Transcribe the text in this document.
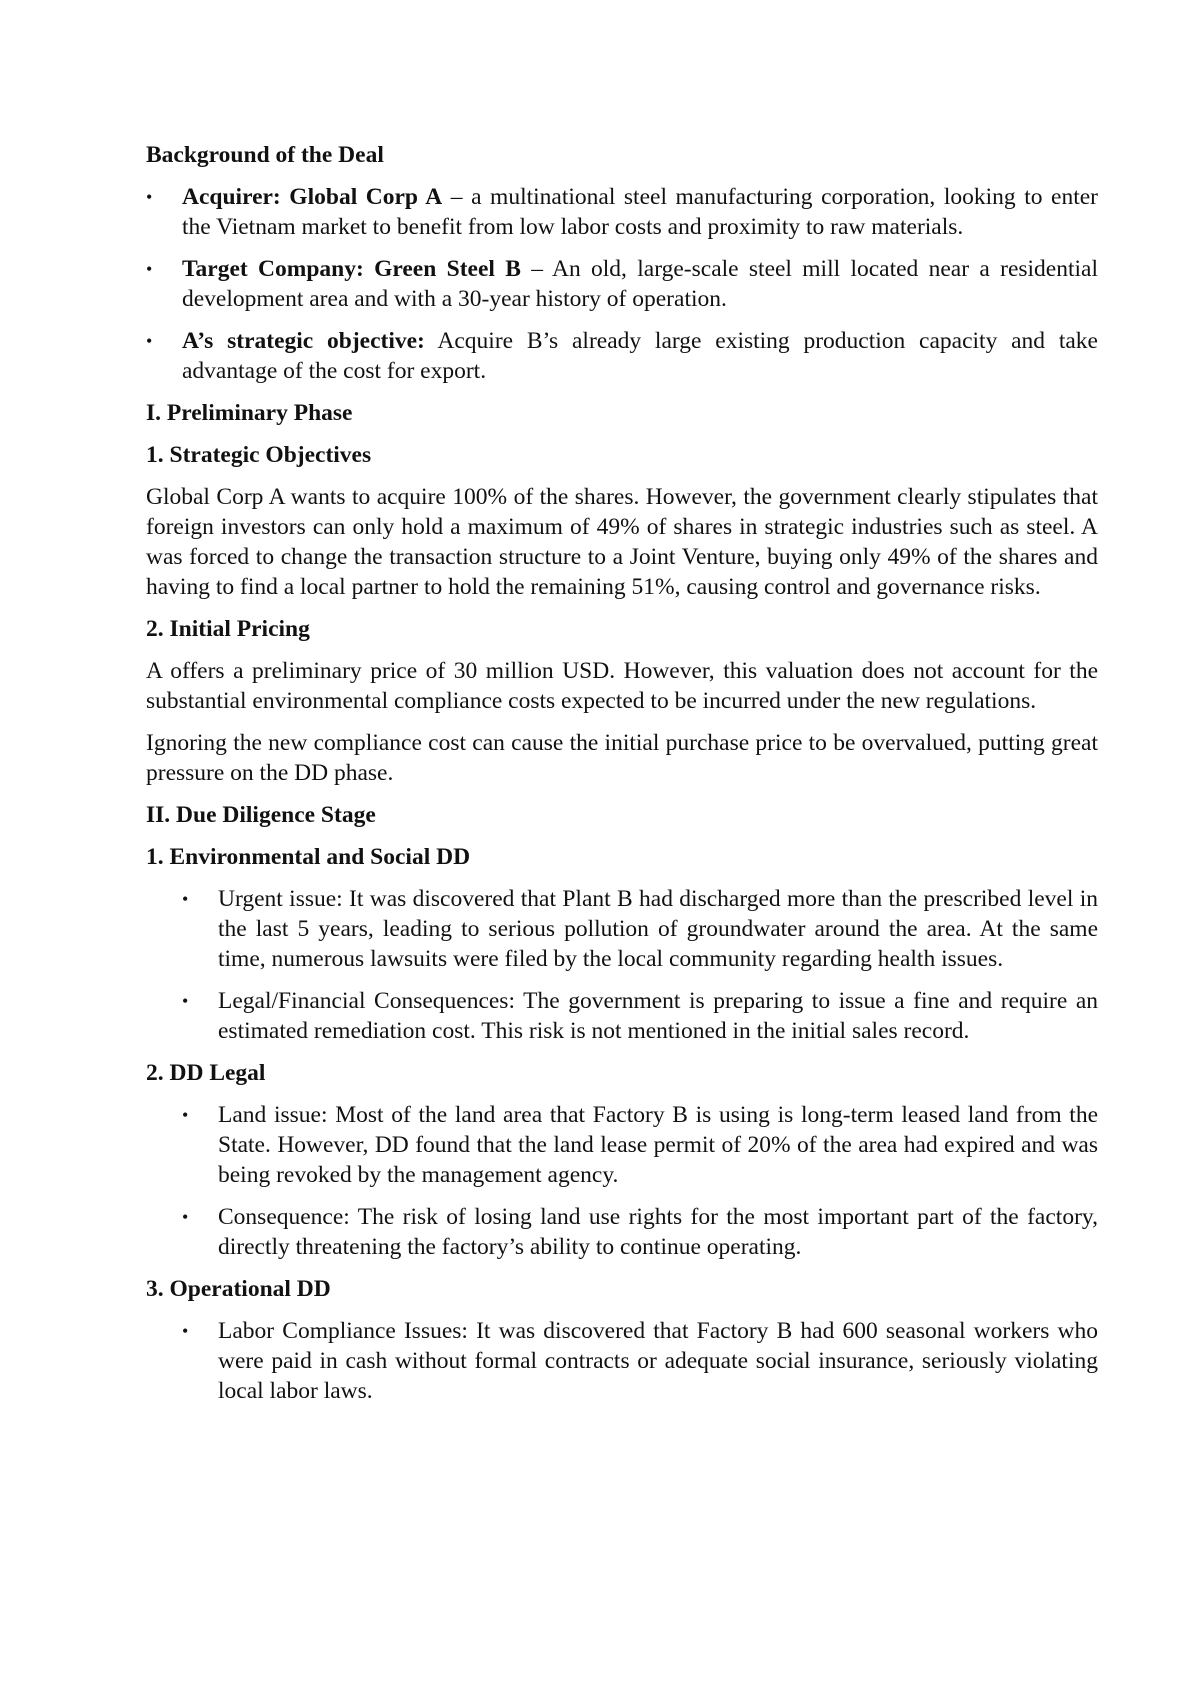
Background of the Deal

• Acquirer: Global Corp A – a multinational steel manufacturing corporation, looking to enter the Vietnam market to benefit from low labor costs and proximity to raw materials.
• Target Company: Green Steel B – An old, large-scale steel mill located near a residential development area and with a 30-year history of operation.
• A’s strategic objective: Acquire B’s already large existing production capacity and take advantage of the cost for export.

I. Preliminary Phase

1. Strategic Objectives

Global Corp A wants to acquire 100% of the shares. However, the government clearly stipulates that foreign investors can only hold a maximum of 49% of shares in strategic industries such as steel. A was forced to change the transaction structure to a Joint Venture, buying only 49% of the shares and having to find a local partner to hold the remaining 51%, causing control and governance risks.

2. Initial Pricing

A offers a preliminary price of 30 million USD. However, this valuation does not account for the substantial environmental compliance costs expected to be incurred under the new regulations.

Ignoring the new compliance cost can cause the initial purchase price to be overvalued, putting great pressure on the DD phase.

II. Due Diligence Stage

1. Environmental and Social DD

• Urgent issue: It was discovered that Plant B had discharged more than the prescribed level in the last 5 years, leading to serious pollution of groundwater around the area. At the same time, numerous lawsuits were filed by the local community regarding health issues.
• Legal/Financial Consequences: The government is preparing to issue a fine and require an estimated remediation cost. This risk is not mentioned in the initial sales record.

2. DD Legal

• Land issue: Most of the land area that Factory B is using is long-term leased land from the State. However, DD found that the land lease permit of 20% of the area had expired and was being revoked by the management agency.
• Consequence: The risk of losing land use rights for the most important part of the factory, directly threatening the factory’s ability to continue operating.

3. Operational DD

• Labor Compliance Issues: It was discovered that Factory B had 600 seasonal workers who were paid in cash without formal contracts or adequate social insurance, seriously violating local labor laws.
